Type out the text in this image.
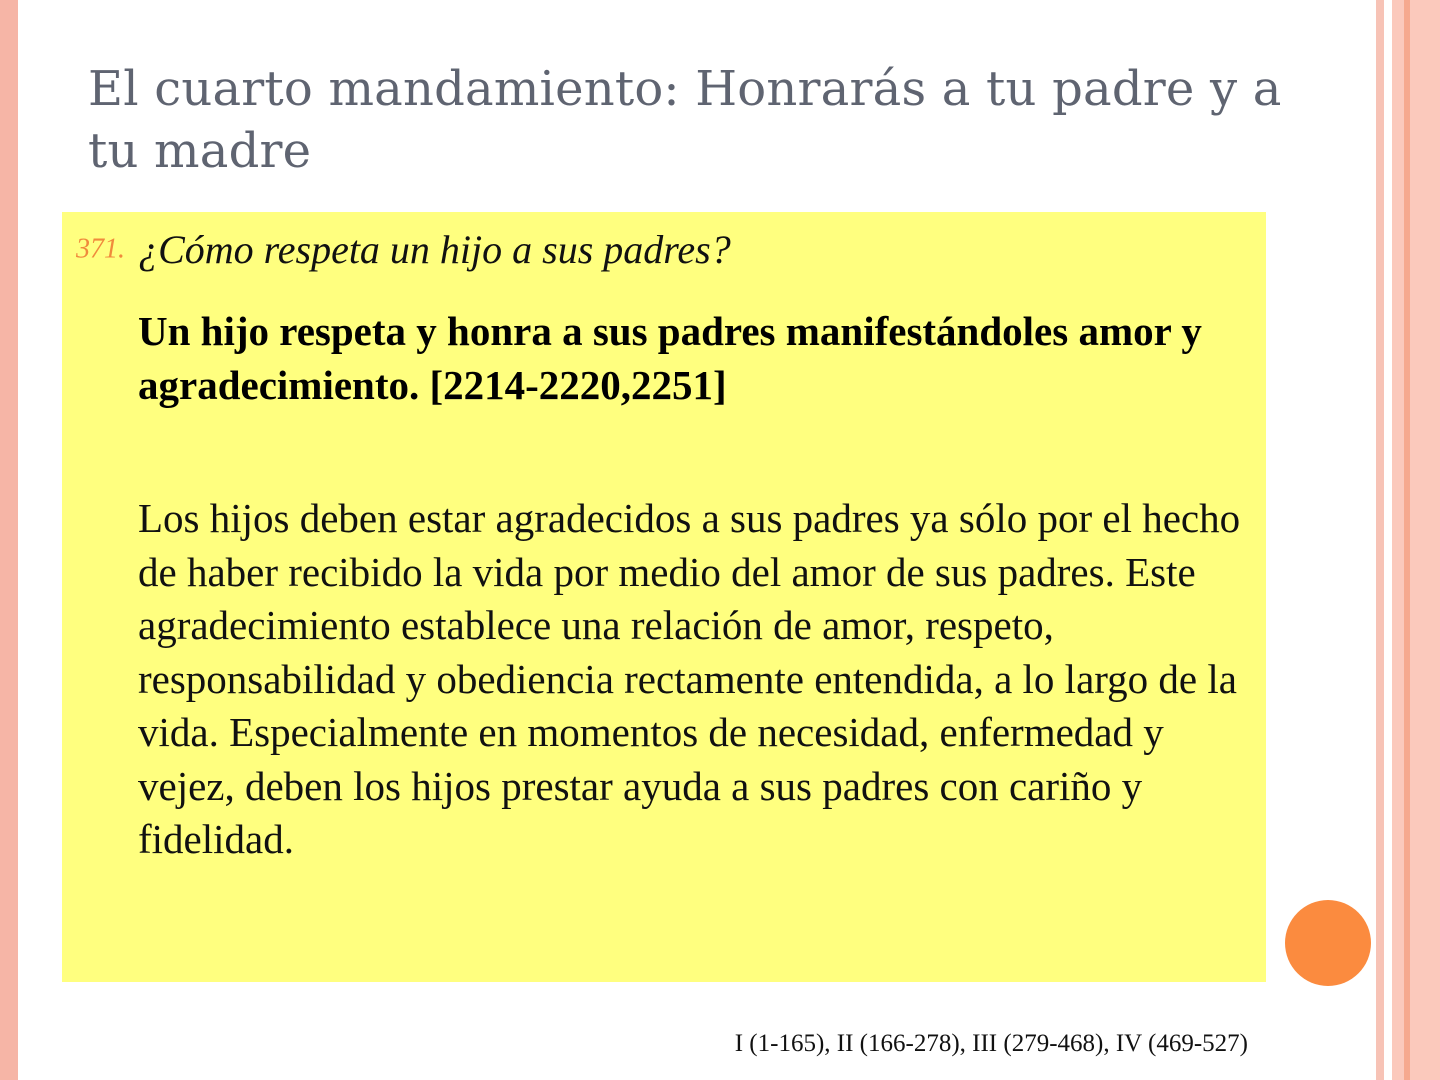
El cuarto mandamiento: Honrarás a tu padre y a tu madre
371. ¿Cómo respeta un hijo a sus padres?

Un hijo respeta y honra a sus padres manifestándoles amor y agradecimiento. [2214-2220,2251]

Los hijos deben estar agradecidos a sus padres ya sólo por el hecho de haber recibido la vida por medio del amor de sus padres. Este agradecimiento establece una relación de amor, respeto, responsabilidad y obediencia rectamente entendida, a lo largo de la vida. Especialmente en momentos de necesidad, enfermedad y vejez, deben los hijos prestar ayuda a sus padres con cariño y fidelidad.

I (1-165), II (166-278), III (279-468), IV (469-527)
